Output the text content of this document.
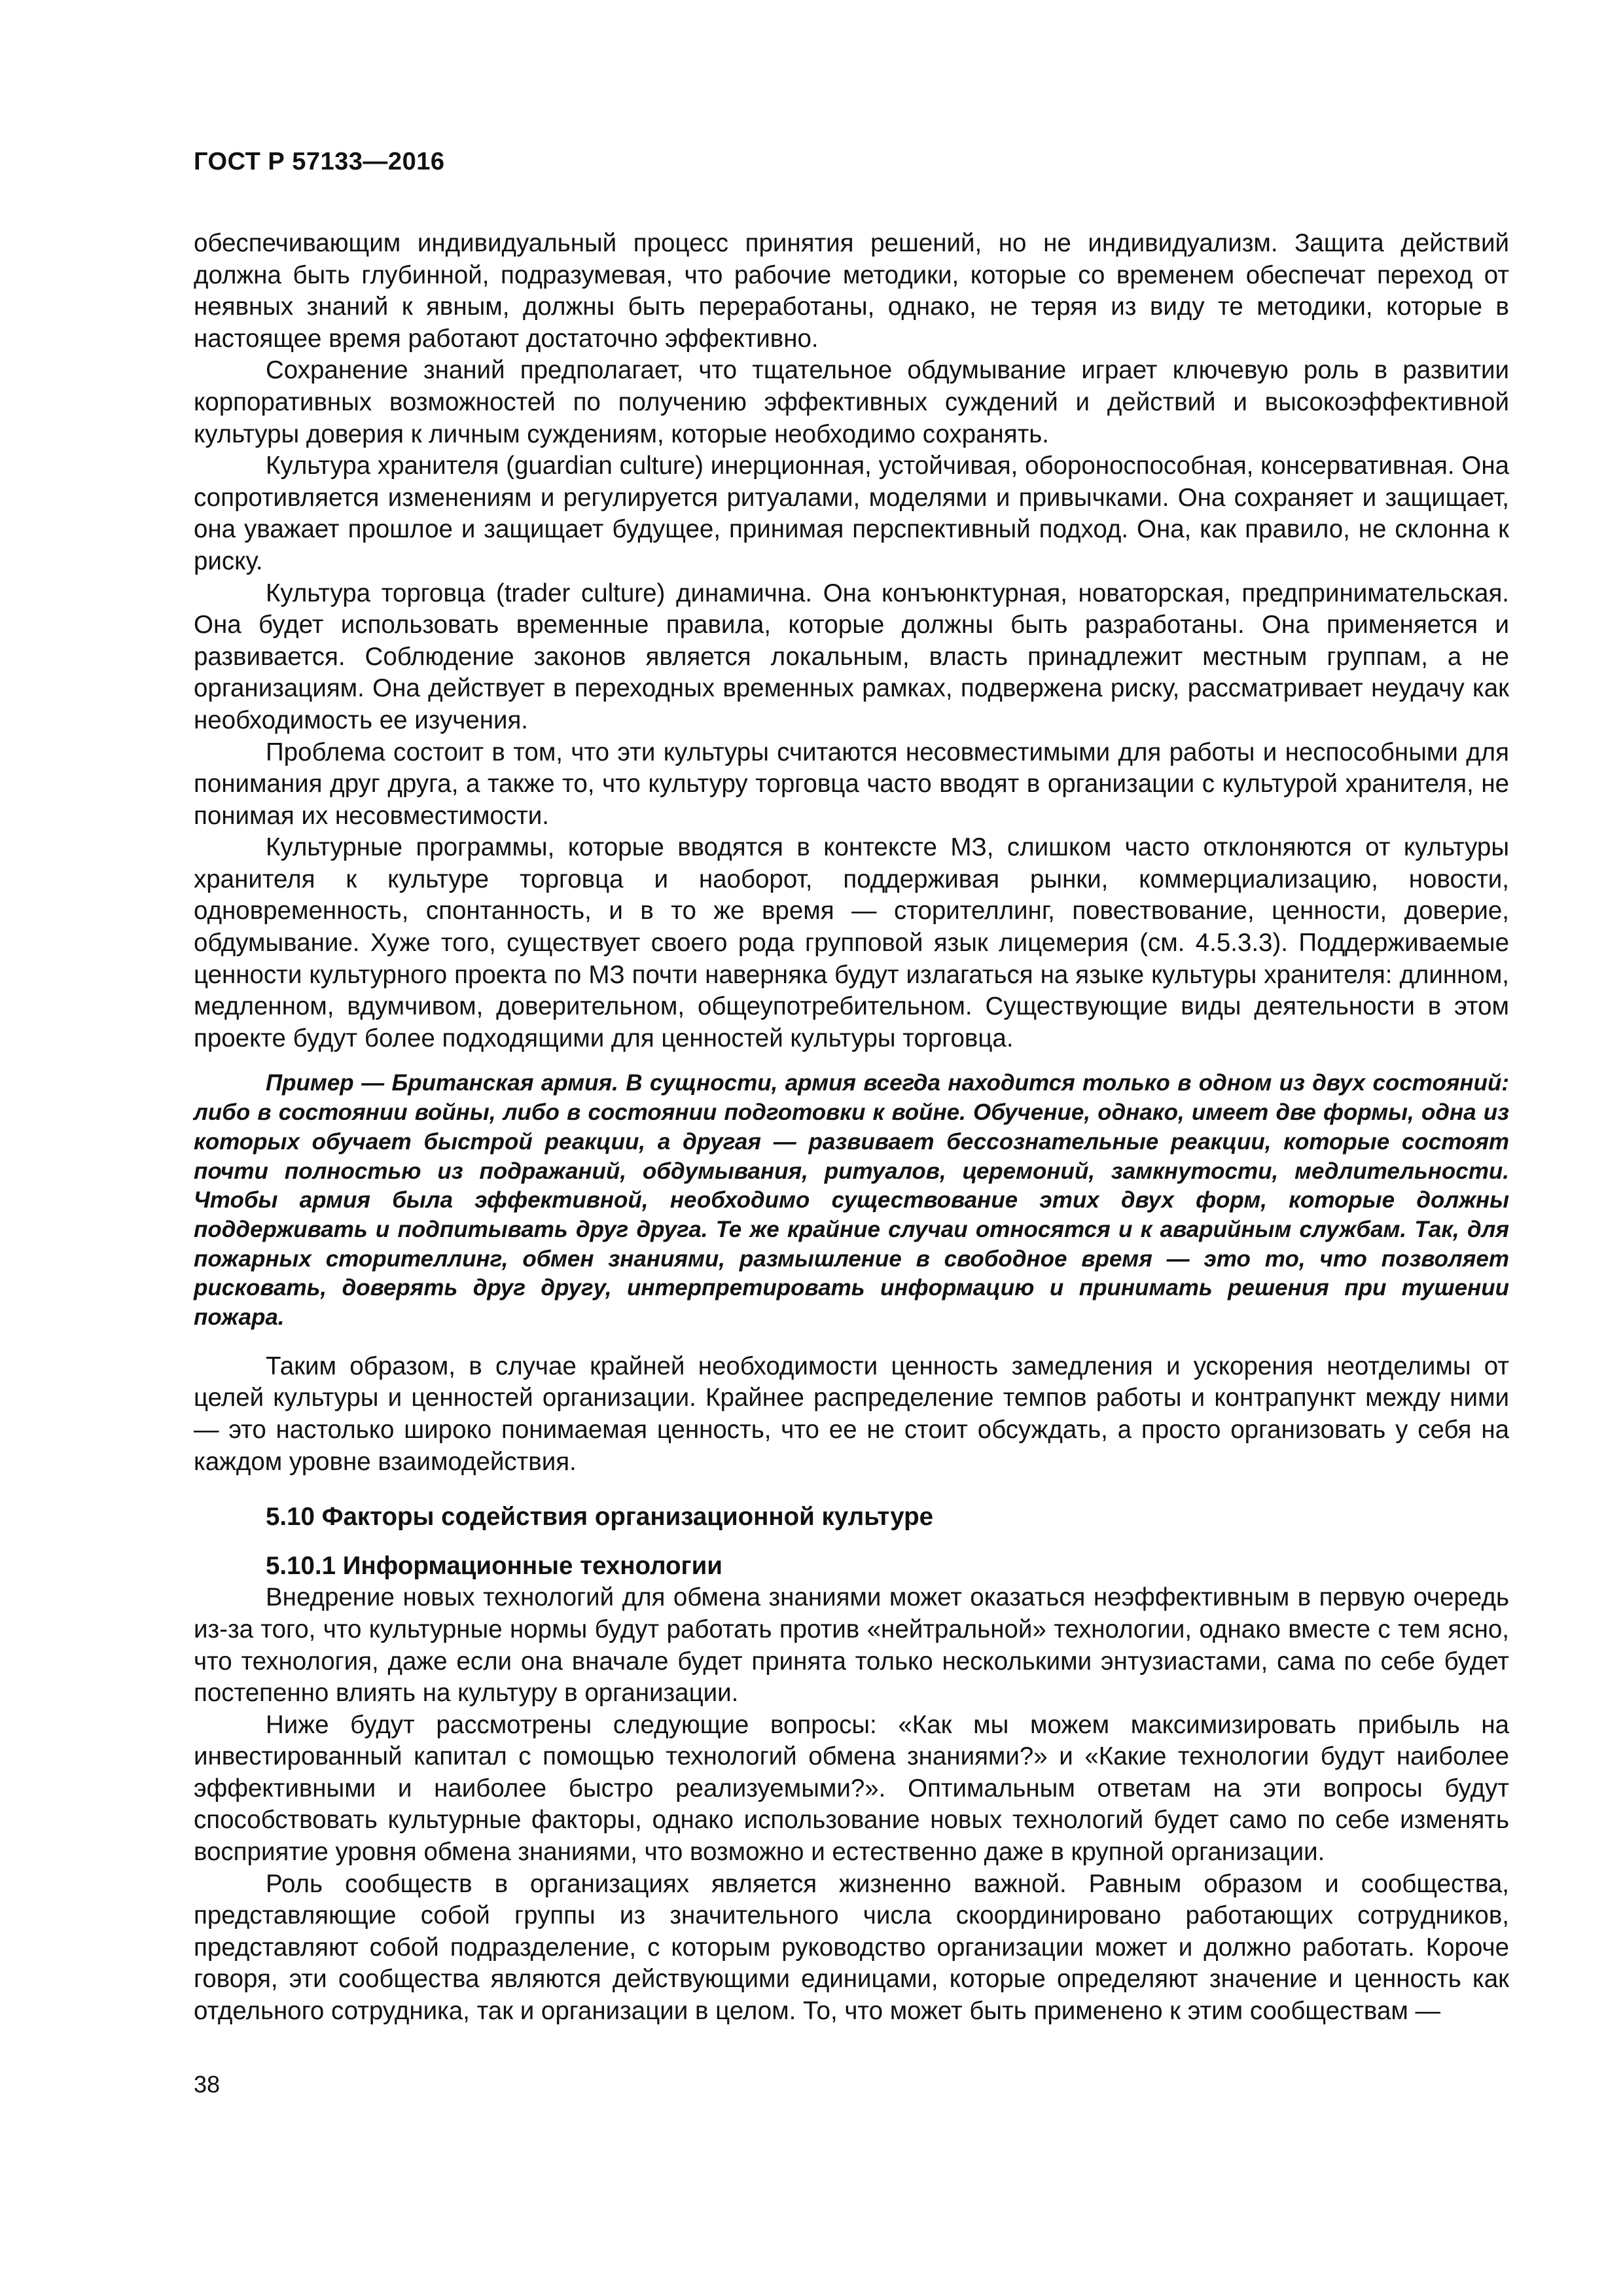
ГОСТ Р 57133—2016

обеспечивающим индивидуальный процесс принятия решений, но не индивидуализм. Защита действий должна быть глубинной, подразумевая, что рабочие методики, которые со временем обеспечат переход от неявных знаний к явным, должны быть переработаны, однако, не теряя из виду те методики, которые в настоящее время работают достаточно эффективно.

Сохранение знаний предполагает, что тщательное обдумывание играет ключевую роль в развитии корпоративных возможностей по получению эффективных суждений и действий и высокоэффективной культуры доверия к личным суждениям, которые необходимо сохранять.

Культура хранителя (guardian culture) инерционная, устойчивая, обороноспособная, консервативная. Она сопротивляется изменениям и регулируется ритуалами, моделями и привычками. Она сохраняет и защищает, она уважает прошлое и защищает будущее, принимая перспективный подход. Она, как правило, не склонна к риску.

Культура торговца (trader culture) динамична. Она конъюнктурная, новаторская, предпринимательская. Она будет использовать временные правила, которые должны быть разработаны. Она применяется и развивается. Соблюдение законов является локальным, власть принадлежит местным группам, а не организациям. Она действует в переходных временных рамках, подвержена риску, рассматривает неудачу как необходимость ее изучения.

Проблема состоит в том, что эти культуры считаются несовместимыми для работы и неспособными для понимания друг друга, а также то, что культуру торговца часто вводят в организации с культурой хранителя, не понимая их несовместимости.

Культурные программы, которые вводятся в контексте МЗ, слишком часто отклоняются от культуры хранителя к культуре торговца и наоборот, поддерживая рынки, коммерциализацию, новости, одновременность, спонтанность, и в то же время — сторителлинг, повествование, ценности, доверие, обдумывание. Хуже того, существует своего рода групповой язык лицемерия (см. 4.5.3.3). Поддерживаемые ценности культурного проекта по МЗ почти наверняка будут излагаться на языке культуры хранителя: длинном, медленном, вдумчивом, доверительном, общеупотребительном. Существующие виды деятельности в этом проекте будут более подходящими для ценностей культуры торговца.

Пример — Британская армия. В сущности, армия всегда находится только в одном из двух состояний: либо в состоянии войны, либо в состоянии подготовки к войне. Обучение, однако, имеет две формы, одна из которых обучает быстрой реакции, а другая — развивает бессознательные реакции, которые состоят почти полностью из подражаний, обдумывания, ритуалов, церемоний, замкнутости, медлительности. Чтобы армия была эффективной, необходимо существование этих двух форм, которые должны поддерживать и подпитывать друг друга. Те же крайние случаи относятся и к аварийным службам. Так, для пожарных сторителлинг, обмен знаниями, размышление в свободное время — это то, что позволяет рисковать, доверять друг другу, интерпретировать информацию и принимать решения при тушении пожара.

Таким образом, в случае крайней необходимости ценность замедления и ускорения неотделимы от целей культуры и ценностей организации. Крайнее распределение темпов работы и контрапункт между ними — это настолько широко понимаемая ценность, что ее не стоит обсуждать, а просто организовать у себя на каждом уровне взаимодействия.

5.10 Факторы содействия организационной культуре
5.10.1 Информационные технологии

Внедрение новых технологий для обмена знаниями может оказаться неэффективным в первую очередь из-за того, что культурные нормы будут работать против «нейтральной» технологии, однако вместе с тем ясно, что технология, даже если она вначале будет принята только несколькими энтузиастами, сама по себе будет постепенно влиять на культуру в организации.

Ниже будут рассмотрены следующие вопросы: «Как мы можем максимизировать прибыль на инвестированный капитал с помощью технологий обмена знаниями?» и «Какие технологии будут наиболее эффективными и наиболее быстро реализуемыми?». Оптимальным ответам на эти вопросы будут способствовать культурные факторы, однако использование новых технологий будет само по себе изменять восприятие уровня обмена знаниями, что возможно и естественно даже в крупной организации.

Роль сообществ в организациях является жизненно важной. Равным образом и сообщества, представляющие собой группы из значительного числа скоординировано работающих сотрудников, представляют собой подразделение, с которым руководство организации может и должно работать. Короче говоря, эти сообщества являются действующими единицами, которые определяют значение и ценность как отдельного сотрудника, так и организации в целом. То, что может быть применено к этим сообществам —

38
